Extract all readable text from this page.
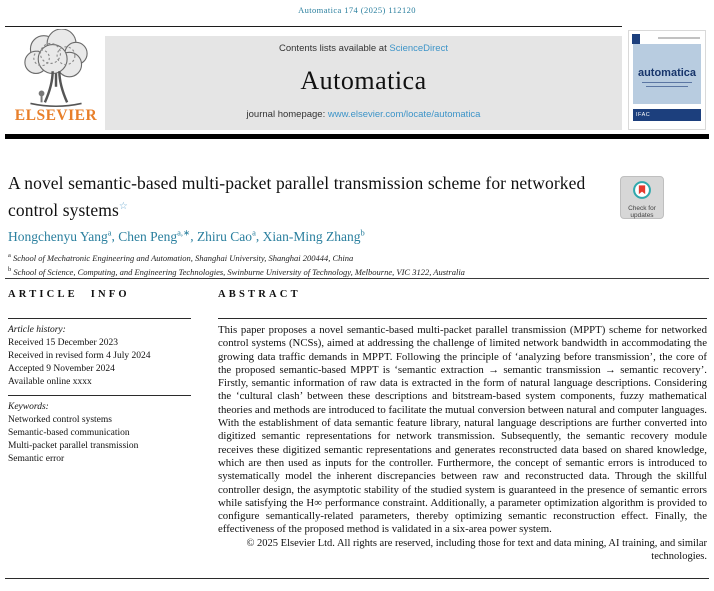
Automatica 174 (2025) 112120
ELSEVIER
Contents lists available at ScienceDirect
Automatica
journal homepage: www.elsevier.com/locate/automatica
automatica
IFAC
A novel semantic-based multi-packet parallel transmission scheme for networked control systems☆	Check for
updates
Hongchenyu Yang$^a$, Chen Peng$^{a,∗}$, Zhiru Cao$^a$, Xian-Ming Zhang$^b$
$^a$ School of Mechatronic Engineering and Automation, Shanghai University, Shanghai 200444, China
$^b$ School of Science, Computing, and Engineering Technologies, Swinburne University of Technology, Melbourne, VIC 3122, Australia
ARTICLE INFO
Article history:
Received 15 December 2023
Received in revised form 4 July 2024
Accepted 9 November 2024
Available online xxxx
Keywords:
Networked control systems
Semantic-based communication
Multi-packet parallel transmission
Semantic error
ABSTRACT

This paper proposes a novel semantic-based multi-packet parallel transmission (MPPT) scheme for networked control systems (NCSs), aimed at addressing the challenge of limited network bandwidth in accommodating the growing data traffic demands in MPPT. Following the principle of ‘analyzing before transmission’, the core of the proposed semantic-based MPPT is ‘semantic extraction → semantic transmission → semantic recovery’. Firstly, semantic information of raw data is extracted in the form of natural language descriptions. Considering the ‘cultural clash’ between these descriptions and bitstream-based system components, fuzzy mathematical theories and methods are introduced to facilitate the mutual conversion between natural and computer languages. With the establishment of data semantic feature library, natural language descriptions are further converted into digitized semantic representations for network transmission. Subsequently, the semantic recovery module receives these digitized semantic representations and generates reconstructed data based on shared knowledge, which are then used as inputs for the controller. Furthermore, the concept of semantic errors is introduced to systematically model the inherent discrepancies between raw and reconstructed data. Through the skillful controller design, the asymptotic stability of the studied system is guaranteed in the presence of semantic errors while satisfying the H∞ performance constraint. Additionally, a parameter optimization algorithm is provided to configure semantically-related parameters, thereby optimizing semantic reconstruction effect. Finally, the effectiveness of the proposed method is validated in a six-area power system.

© 2025 Elsevier Ltd. All rights are reserved, including those for text and data mining, AI training, and similar technologies.
